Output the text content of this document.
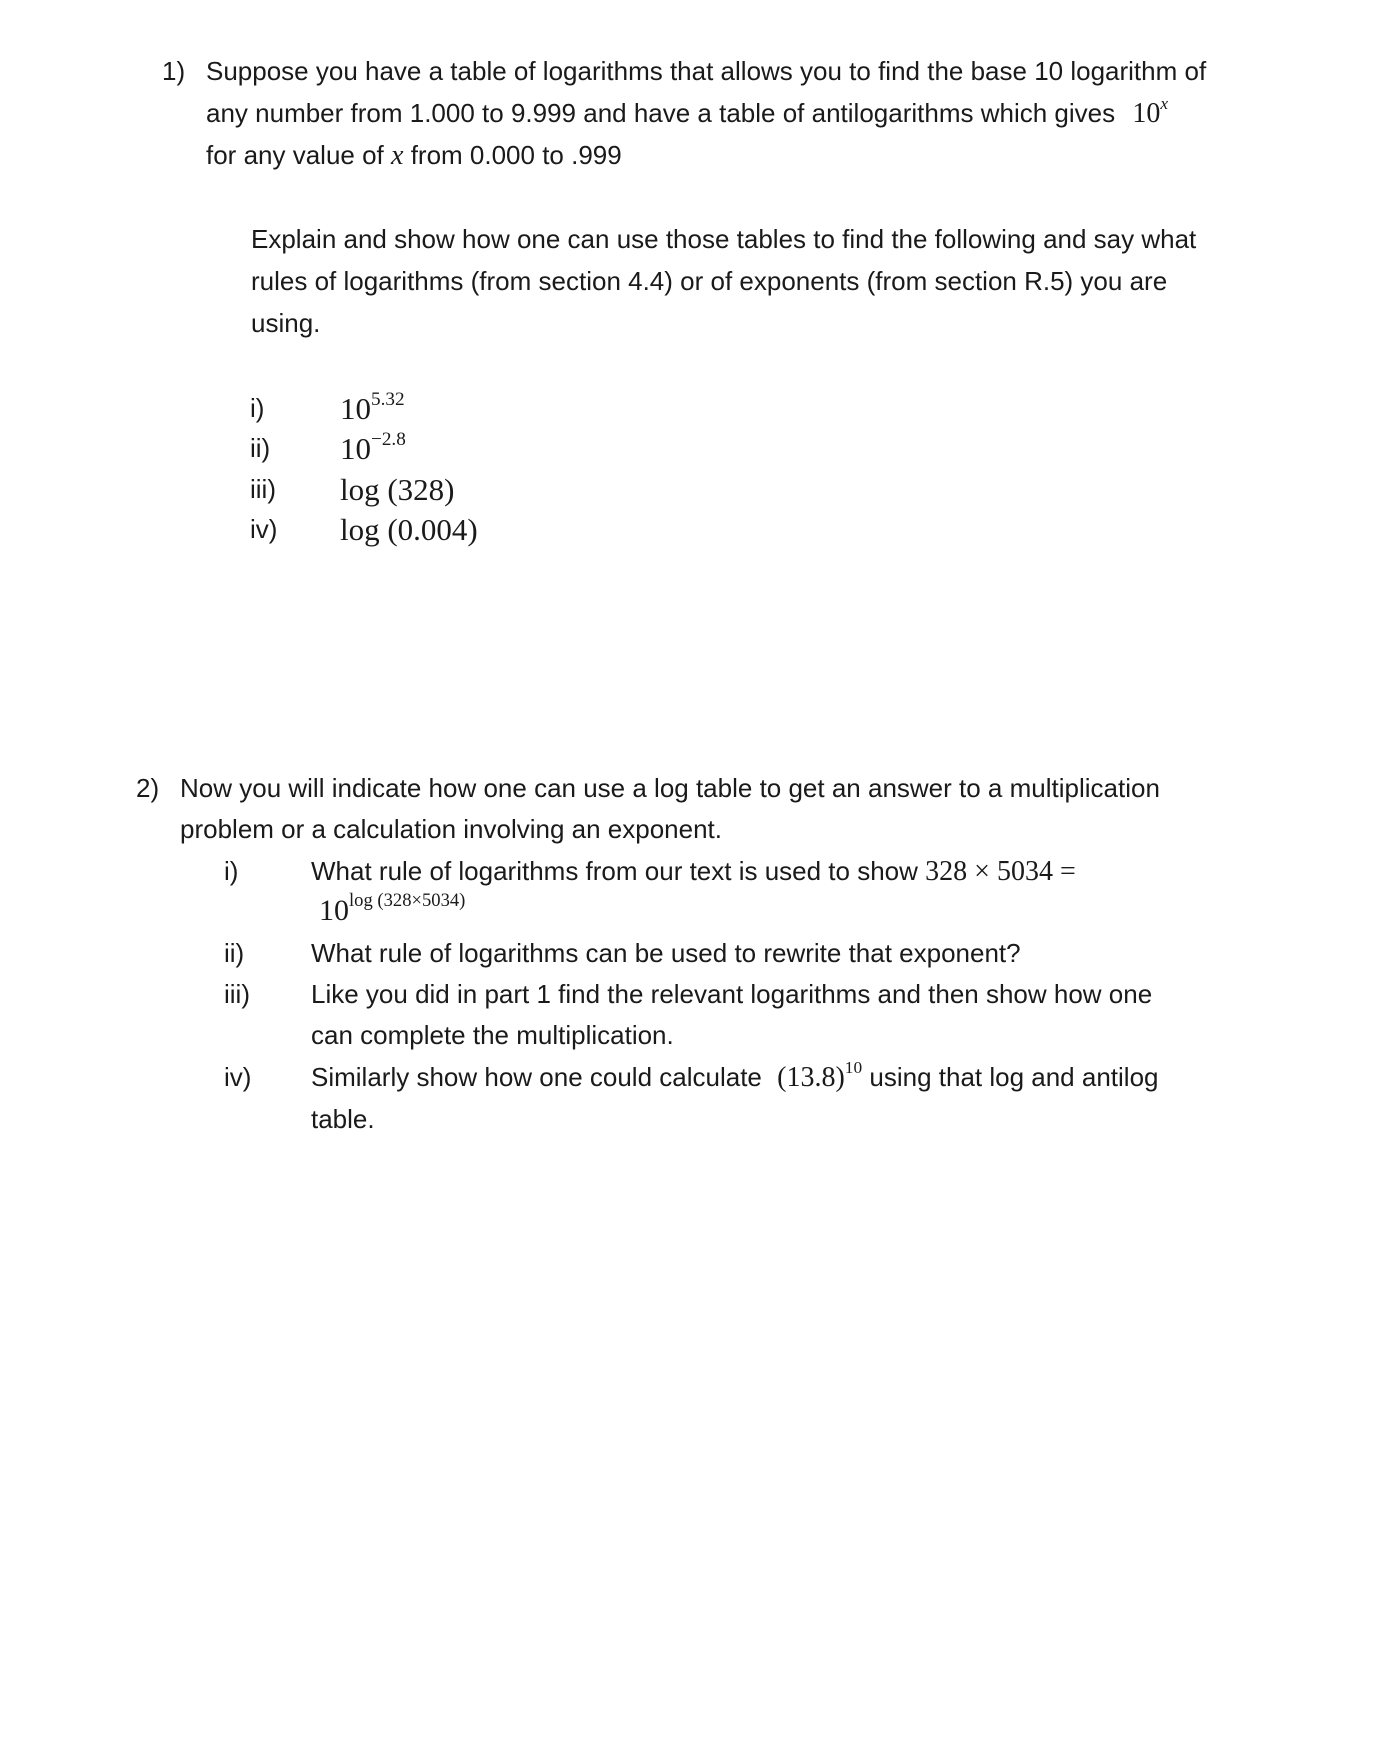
1) Suppose you have a table of logarithms that allows you to find the base 10 logarithm of
any number from 1.000 to 9.999 and have a table of antilogarithms which gives 10$^x$
for any value of x from 0.000 to .999
Explain and show how one can use those tables to find the following and say what
rules of logarithms (from section 4.4) or of exponents (from section R.5) you are
using.
i) $10^{5.32}$
ii) $10^{-2.8}$
iii) log (328)
iv) log (0.004)
2) Now you will indicate how one can use a log table to get an answer to a multiplication
problem or a calculation involving an exponent.
i)	What rule of logarithms from our text is used to show 328 × 5034 =
$10^{log (328\times 5034)}$
ii)	What rule of logarithms can be used to rewrite that exponent?
iii) Like you did in part 1 find the relevant logarithms and then show how one
can complete the multiplication.
iv) Similarly show how one could calculate $(13.8)^{10}$ using that log and antilog
table.
